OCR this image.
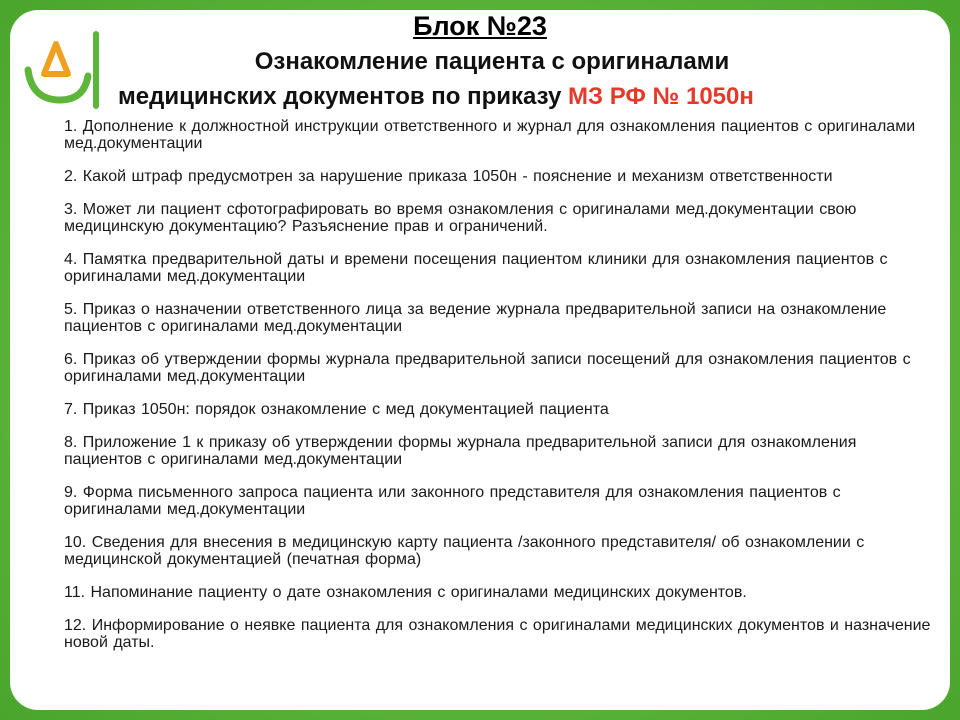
Блок №23
Ознакомление пациента с оригиналами
медицинских документов по приказу МЗ РФ № 1050н
1. Дополнение к должностной инструкции ответственного и журнал для ознакомления пациентов с оригиналами мед.документации
2. Какой штраф предусмотрен за нарушение приказа 1050н - пояснение и механизм ответственности
3. Может ли пациент сфотографировать во время ознакомления с оригиналами мед.документации свою медицинскую документацию? Разъяснение прав и ограничений.
4. Памятка предварительной даты и времени посещения пациентом клиники для ознакомления пациентов с оригиналами мед.документации
5. Приказ о назначении ответственного лица за ведение журнала предварительной записи на ознакомление пациентов с оригиналами мед.документации
6. Приказ об утверждении формы журнала предварительной записи посещений для ознакомления пациентов с оригиналами мед.документации
7. Приказ 1050н: порядок ознакомление с мед документацией пациента
8. Приложение 1 к приказу об утверждении формы журнала предварительной записи для ознакомления пациентов с оригиналами мед.документации
9. Форма письменного запроса пациента или законного представителя для ознакомления пациентов с оригиналами мед.документации
10. Сведения для внесения в медицинскую карту пациента /законного представителя/ об ознакомлении с медицинской документацией (печатная форма)
11. Напоминание пациенту о дате ознакомления с оригиналами медицинских документов.
12. Информирование о неявке пациента для ознакомления с оригиналами медицинских документов и назначение новой даты.
